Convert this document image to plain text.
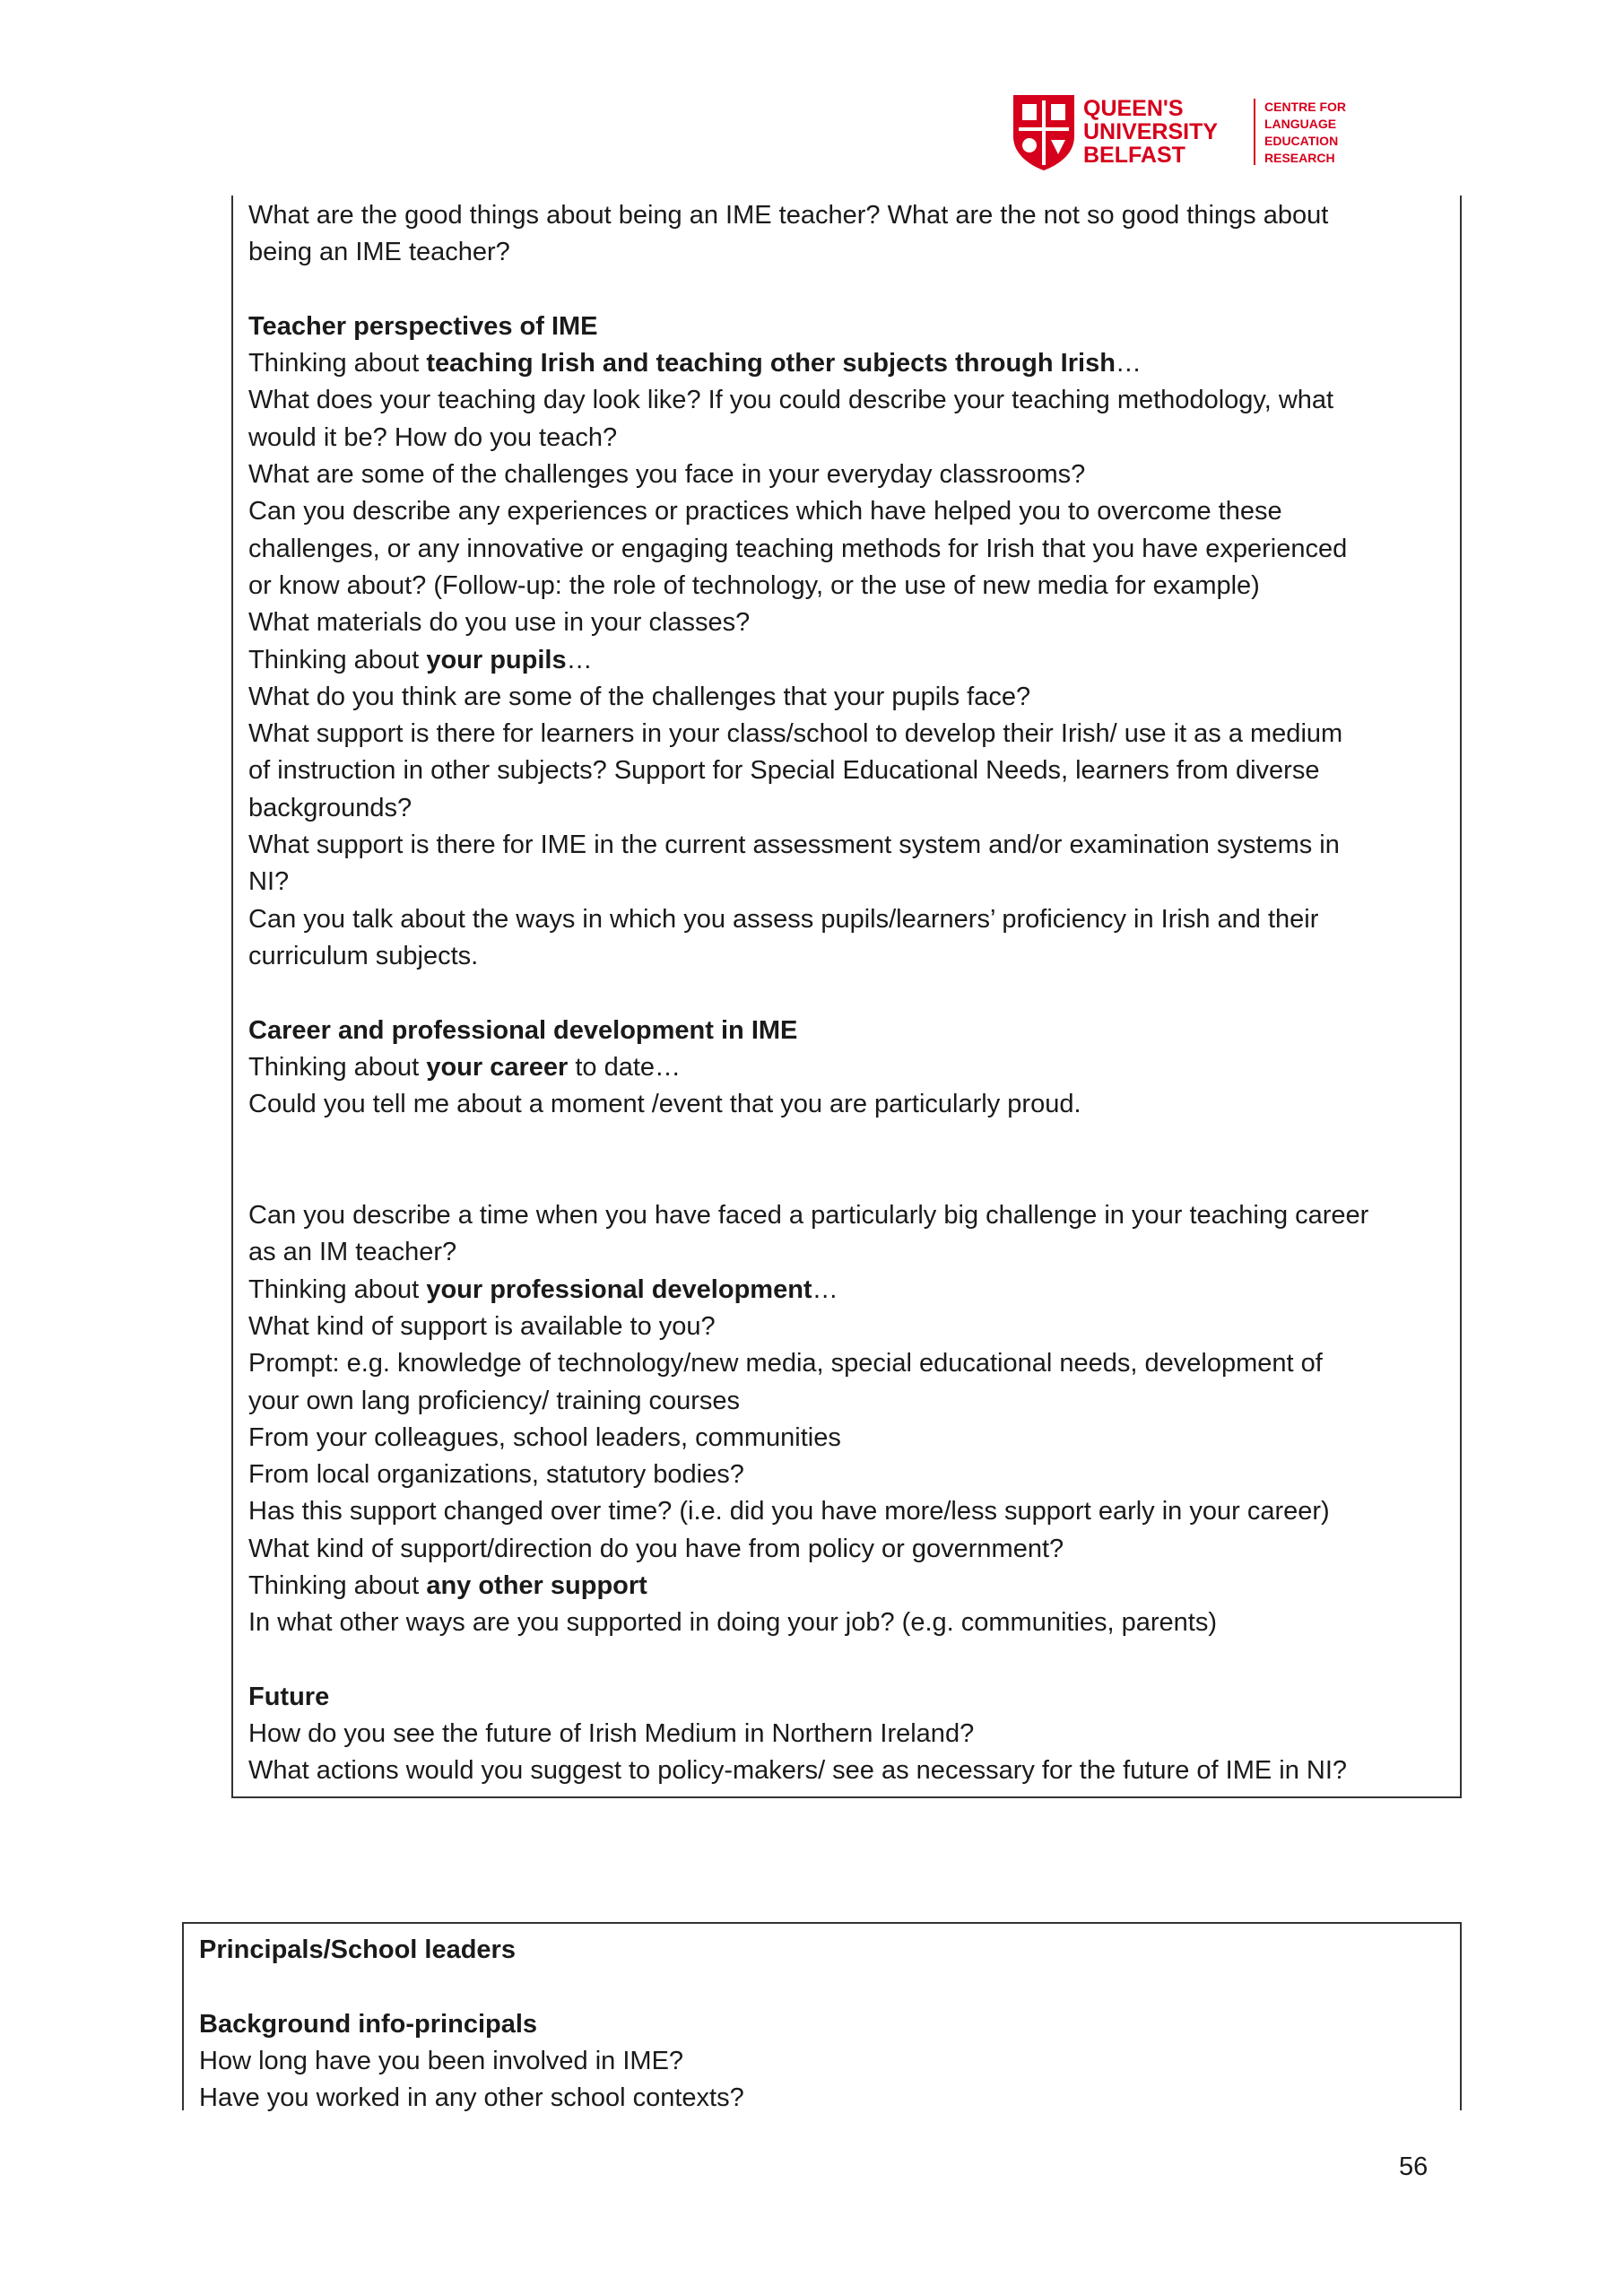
QUEEN'S
UNIVERSITY
BELFAST
CENTRE FOR
LANGUAGE
EDUCATION
RESEARCH
What are the good things about being an IME teacher? What are the not so good things about
being an IME teacher?
Teacher perspectives of IME
Thinking about teaching Irish and teaching other subjects through Irish…
What does your teaching day look like? If you could describe your teaching methodology, what
would it be? How do you teach?
What are some of the challenges you face in your everyday classrooms?
Can you describe any experiences or practices which have helped you to overcome these
challenges, or any innovative or engaging teaching methods for Irish that you have experienced
or know about? (Follow-up: the role of technology, or the use of new media for example)
What materials do you use in your classes?
Thinking about your pupils…
What do you think are some of the challenges that your pupils face?
What support is there for learners in your class/school to develop their Irish/ use it as a medium
of instruction in other subjects? Support for Special Educational Needs, learners from diverse
backgrounds?
What support is there for IME in the current assessment system and/or examination systems in
NI?
Can you talk about the ways in which you assess pupils/learners’ proficiency in Irish and their
curriculum subjects.
Career and professional development in IME
Thinking about your career to date…
Could you tell me about a moment /event that you are particularly proud.
Can you describe a time when you have faced a particularly big challenge in your teaching career
as an IM teacher?
Thinking about your professional development…
What kind of support is available to you?
Prompt: e.g. knowledge of technology/new media, special educational needs, development of
your own lang proficiency/ training courses
From your colleagues, school leaders, communities
From local organizations, statutory bodies?
Has this support changed over time? (i.e. did you have more/less support early in your career)
What kind of support/direction do you have from policy or government?
Thinking about any other support
In what other ways are you supported in doing your job? (e.g. communities, parents)
Future
How do you see the future of Irish Medium in Northern Ireland?
What actions would you suggest to policy-makers/ see as necessary for the future of IME in NI?
Principals/School leaders
Background info-principals
How long have you been involved in IME?
Have you worked in any other school contexts?
56
